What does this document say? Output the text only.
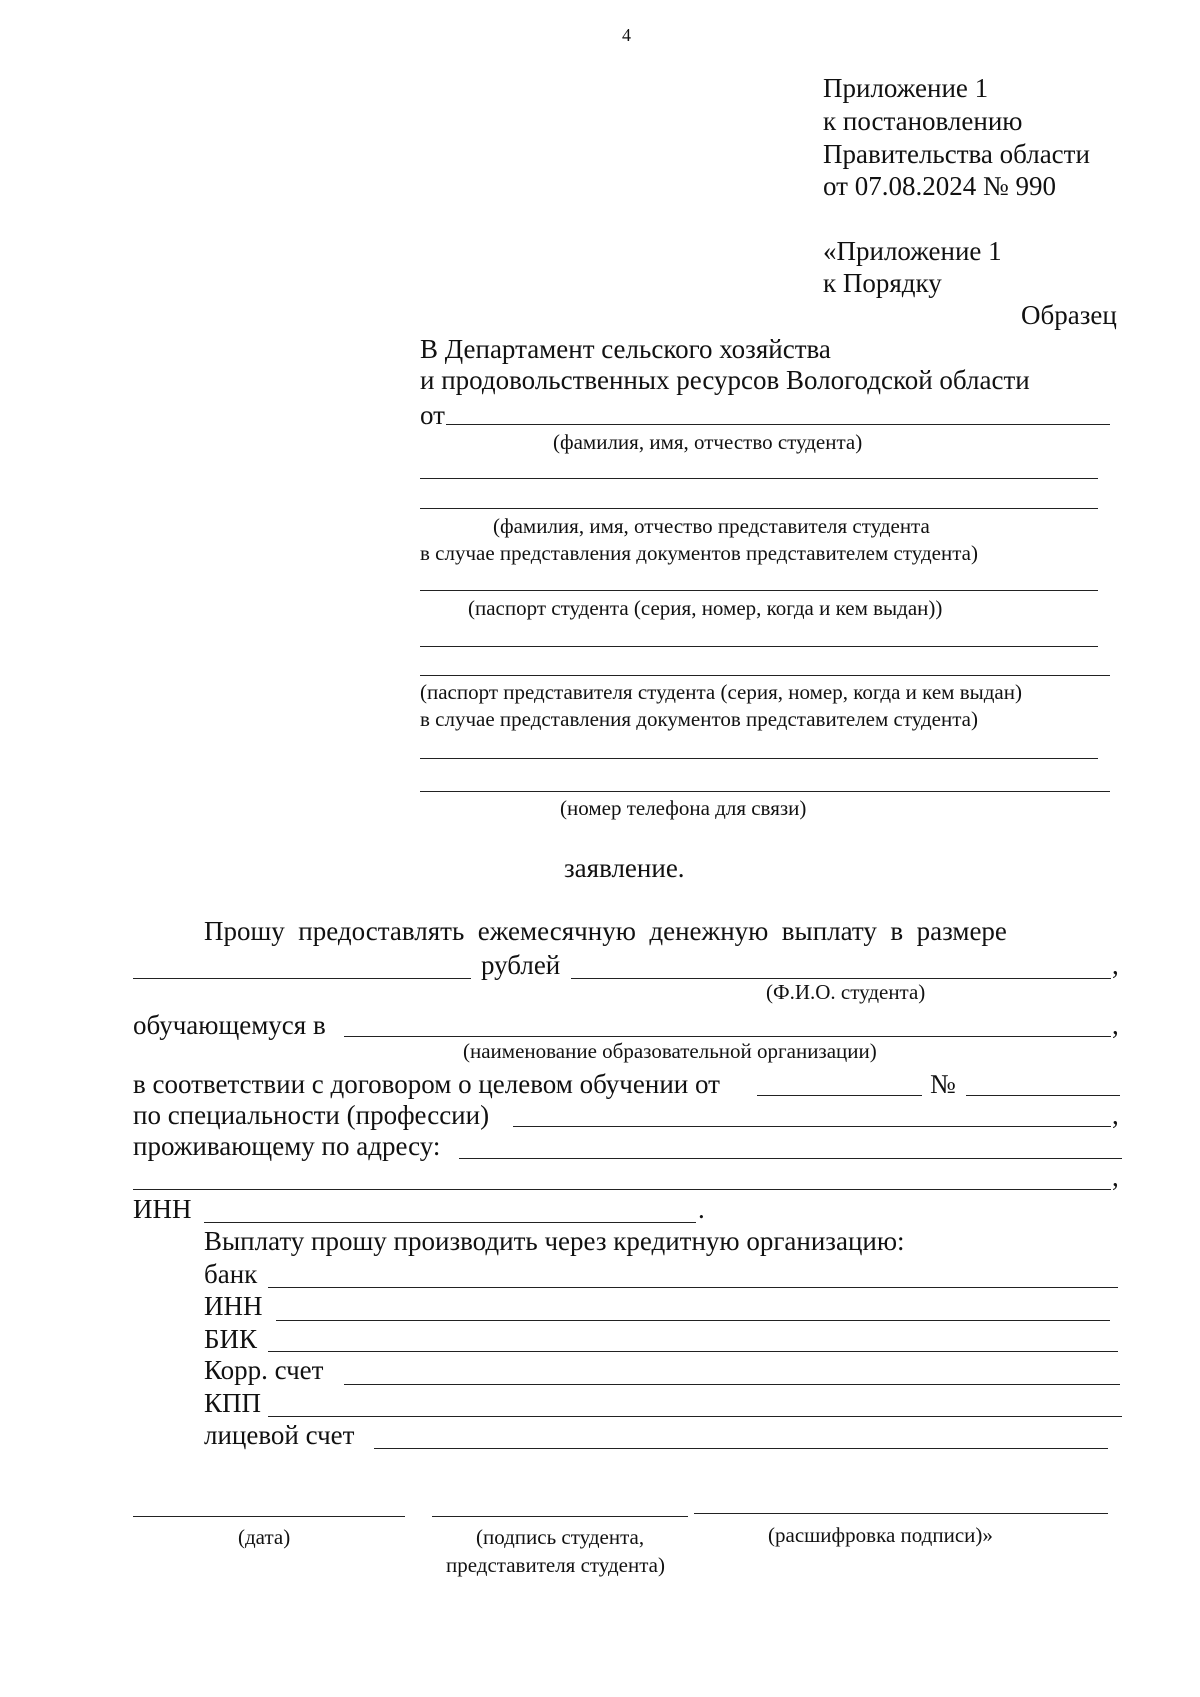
4
Приложение 1
к постановлению
Правительства области
от 07.08.2024 № 990
«Приложение 1
к Порядку
Образец
В Департамент сельского хозяйства
и продовольственных ресурсов Вологодской области
от
(фамилия, имя, отчество студента)
(фамилия, имя, отчество представителя студента
в случае представления документов представителем студента)
(паспорт студента (серия, номер, когда и кем выдан))
(паспорт представителя студента (серия, номер, когда и кем выдан)
в случае представления документов представителем студента)
(номер телефона для связи)
заявление.
Прошу  предоставлять  ежемесячную  денежную  выплату  в  размере
рублей	,
(Ф.И.О. студента)
обучающемуся в	,
(наименование образовательной организации)
в соответствии с договором о целевом обучении от	№
по специальности (профессии)	,
проживающему по адресу:
,
ИНН	.
Выплату прошу производить через кредитную организацию:
банк
ИНН
БИК
Корр. счет
КПП
лицевой счет
(дата)	(подпись студента,
представителя студента)
(расшифровка подписи)»
